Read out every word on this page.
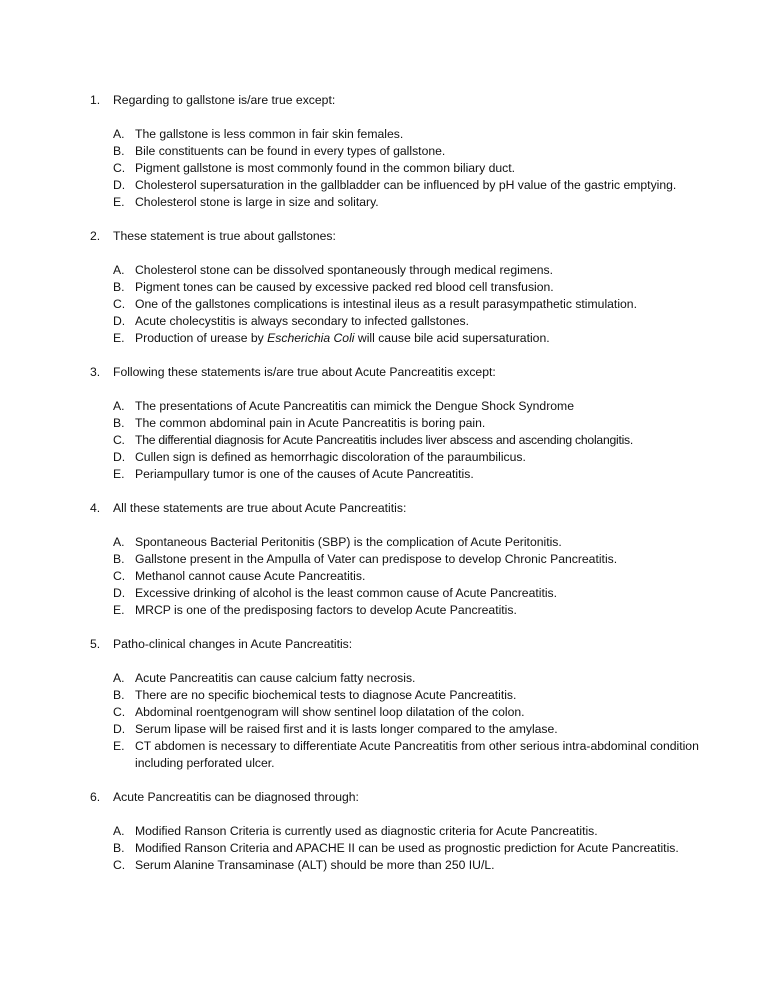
1. Regarding to gallstone is/are true except:
A. The gallstone is less common in fair skin females.
B. Bile constituents can be found in every types of gallstone.
C. Pigment gallstone is most commonly found in the common biliary duct.
D. Cholesterol supersaturation in the gallbladder can be influenced by pH value of the gastric emptying.
E. Cholesterol stone is large in size and solitary.
2. These statement is true about gallstones:
A. Cholesterol stone can be dissolved spontaneously through medical regimens.
B. Pigment tones can be caused by excessive packed red blood cell transfusion.
C. One of the gallstones complications is intestinal ileus as a result parasympathetic stimulation.
D. Acute cholecystitis is always secondary to infected gallstones.
E. Production of urease by Escherichia Coli will cause bile acid supersaturation.
3. Following these statements is/are true about Acute Pancreatitis except:
A. The presentations of Acute Pancreatitis can mimick the Dengue Shock Syndrome
B. The common abdominal pain in Acute Pancreatitis is boring pain.
C. The differential diagnosis for Acute Pancreatitis includes liver abscess and ascending cholangitis.
D. Cullen sign is defined as hemorrhagic discoloration of the paraumbilicus.
E. Periampullary tumor is one of the causes of Acute Pancreatitis.
4. All these statements are true about Acute Pancreatitis:
A. Spontaneous Bacterial Peritonitis (SBP) is the complication of Acute Peritonitis.
B. Gallstone present in the Ampulla of Vater can predispose to develop Chronic Pancreatitis.
C. Methanol cannot cause Acute Pancreatitis.
D. Excessive drinking of alcohol is the least common cause of Acute Pancreatitis.
E. MRCP is one of the predisposing factors to develop Acute Pancreatitis.
5. Patho-clinical changes in Acute Pancreatitis:
A. Acute Pancreatitis can cause calcium fatty necrosis.
B. There are no specific biochemical tests to diagnose Acute Pancreatitis.
C. Abdominal roentgenogram will show sentinel loop dilatation of the colon.
D. Serum lipase will be raised first and it is lasts longer compared to the amylase.
E. CT abdomen is necessary to differentiate Acute Pancreatitis from other serious intra-abdominal condition including perforated ulcer.
6. Acute Pancreatitis can be diagnosed through:
A. Modified Ranson Criteria is currently used as diagnostic criteria for Acute Pancreatitis.
B. Modified Ranson Criteria and APACHE II can be used as prognostic prediction for Acute Pancreatitis.
C. Serum Alanine Transaminase (ALT) should be more than 250 IU/L.
